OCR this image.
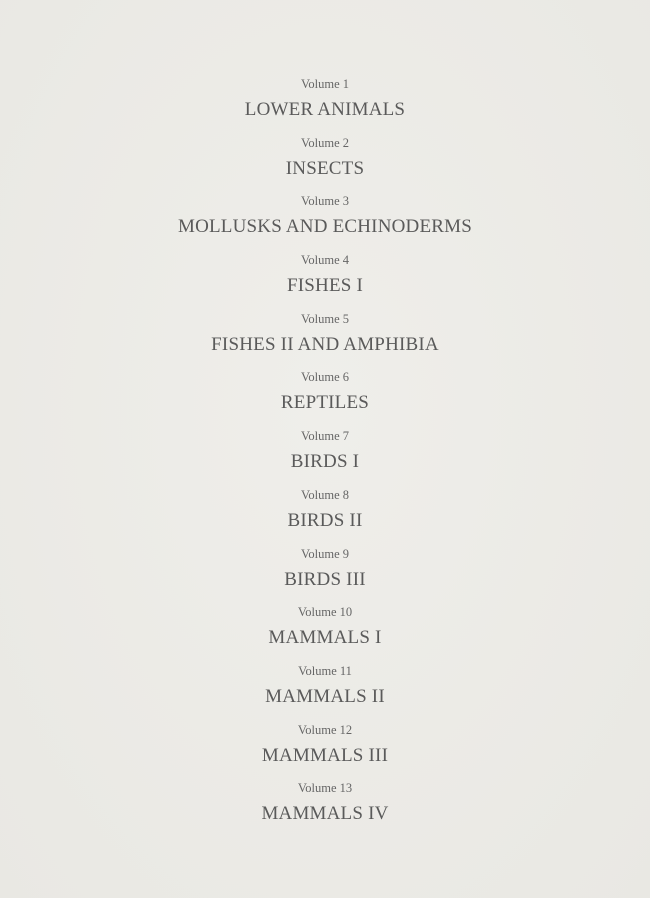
Volume 1
LOWER ANIMALS
Volume 2
INSECTS
Volume 3
MOLLUSKS AND ECHINODERMS
Volume 4
FISHES I
Volume 5
FISHES II AND AMPHIBIA
Volume 6
REPTILES
Volume 7
BIRDS I
Volume 8
BIRDS II
Volume 9
BIRDS III
Volume 10
MAMMALS I
Volume 11
MAMMALS II
Volume 12
MAMMALS III
Volume 13
MAMMALS IV
